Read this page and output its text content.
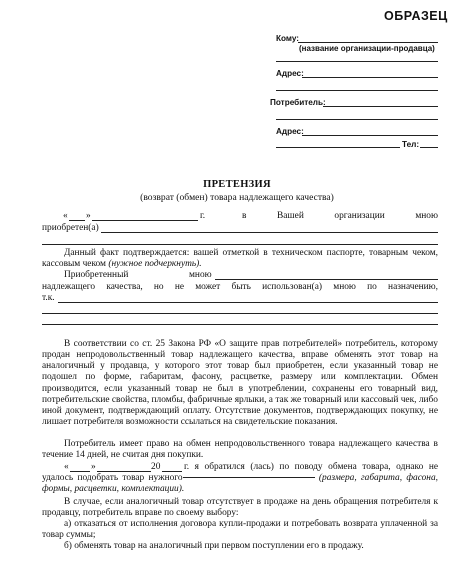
ОБРАЗЕЦ
Кому:
(название организации-продавца)
Адрес:
Потребитель:
Адрес:
Тел:
ПРЕТЕНЗИЯ
(возврат (обмен) товара надлежащего качества)
« »	г.	в Вашей организации мною
приобретен(а)
Данный факт подтверждается: вашей отметкой в техническом паспорте, товарным чеком, кассовым чеком (нужное подчеркнуть).
Приобретенный	мною
надлежащего качества, но не может быть использован(а) мною по назначению,
т.к.
В соответствии со ст. 25 Закона РФ «О защите прав потребителей» потребитель, которому продан непродовольственный товар надлежащего качества, вправе обменять этот товар на аналогичный у продавца, у которого этот товар был приобретен, если указанный товар не подошел по форме, габаритам, фасону, расцветке, размеру или комплектации. Обмен производится, если указанный товар не был в употреблении, сохранены его товарный вид, потребительские свойства, пломбы, фабричные ярлыки, а так же товарный или кассовый чек, либо иной документ, подтверждающий оплату. Отсутствие документов, подтверждающих покупку, не лишает потребителя возможности ссылаться на свидетельские показания.
Потребитель имеет право на обмен непродовольственного товара надлежащего качества в течение 14 дней, не считая дня покупки.
« »	20	г. я обратился (лась) по поводу обмена товара, однако не удалось подобрать товар нужного	(размера, габарита, фасона, формы, расцветки, комплектации).
В случае, если аналогичный товар отсутствует в продаже на день обращения потребителя к продавцу, потребитель вправе по своему выбору:
а) отказаться от исполнения договора купли-продажи и потребовать возврата уплаченной за товар суммы;
б) обменять товар на аналогичный при первом поступлении его в продажу.
